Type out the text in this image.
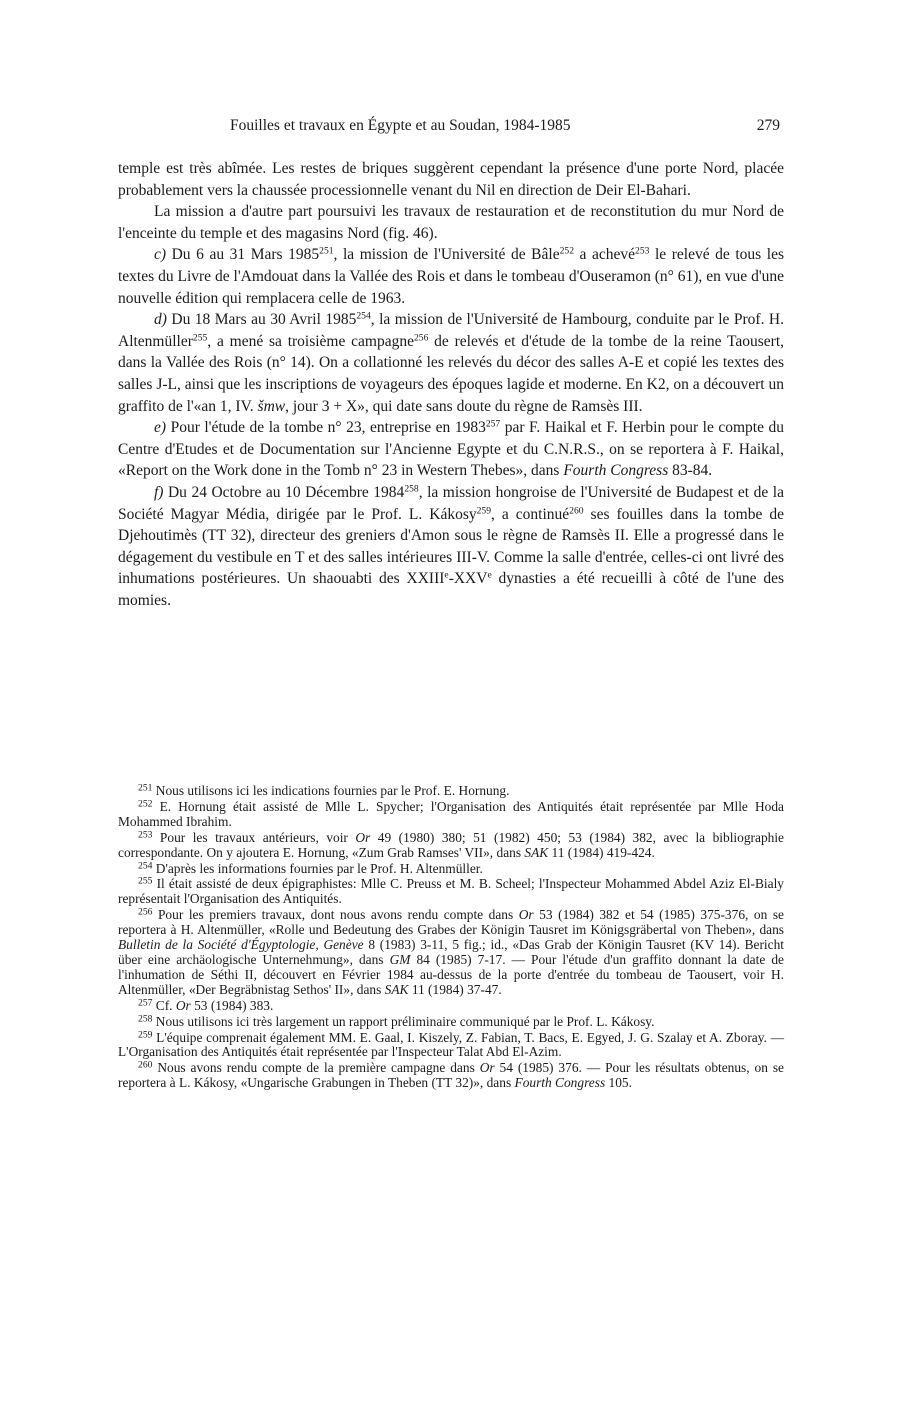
Fouilles et travaux en Égypte et au Soudan, 1984-1985	279

temple est très abîmée. Les restes de briques suggèrent cependant la présence d'une porte Nord, placée probablement vers la chaussée processionnelle venant du Nil en direction de Deir El-Bahari.

La mission a d'autre part poursuivi les travaux de restauration et de reconstitution du mur Nord de l'enceinte du temple et des magasins Nord (fig. 46).

c) Du 6 au 31 Mars 1985$^{251}$, la mission de l'Université de Bâle$^{252}$ a achevé$^{253}$ le relevé de tous les textes du Livre de l'Amdouat dans la Vallée des Rois et dans le tombeau d'Ouseramon (n° 61), en vue d'une nouvelle édition qui remplacera celle de 1963.

d) Du 18 Mars au 30 Avril 1985$^{254}$, la mission de l'Université de Hambourg, conduite par le Prof. H. Altenmüller$^{255}$, a mené sa troisième campagne$^{256}$ de relevés et d'étude de la tombe de la reine Taousert, dans la Vallée des Rois (n° 14). On a collationné les relevés du décor des salles A-E et copié les textes des salles J-L, ainsi que les inscriptions de voyageurs des époques lagide et moderne. En K2, on a découvert un graffito de l'«an 1, IV. šmw, jour 3 + X», qui date sans doute du règne de Ramsès III.

e) Pour l'étude de la tombe n° 23, entreprise en 1983$^{257}$ par F. Haikal et F. Herbin pour le compte du Centre d'Etudes et de Documentation sur l'Ancienne Egypte et du C.N.R.S., on se reportera à F. Haikal, «Report on the Work done in the Tomb n° 23 in Western Thebes», dans Fourth Congress 83-84.

f) Du 24 Octobre au 10 Décembre 1984$^{258}$, la mission hongroise de l'Université de Budapest et de la Société Magyar Média, dirigée par le Prof. L. Kákosy$^{259}$, a continué$^{260}$ ses fouilles dans la tombe de Djehoutimès (TT 32), directeur des greniers d'Amon sous le règne de Ramsès II. Elle a progressé dans le dégagement du vestibule en T et des salles intérieures III-V. Comme la salle d'entrée, celles-ci ont livré des inhumations postérieures. Un shaouabti des XXIIIe-XXVe dynasties a été recueilli à côté de l'une des momies.

$^{251}$ Nous utilisons ici les indications fournies par le Prof. E. Hornung.

$^{252}$ E. Hornung était assisté de Mlle L. Spycher; l'Organisation des Antiquités était représentée par Mlle Hoda Mohammed Ibrahim.

$^{253}$ Pour les travaux antérieurs, voir Or 49 (1980) 380; 51 (1982) 450; 53 (1984) 382, avec la bibliographie correspondante. On y ajoutera E. Hornung, «Zum Grab Ramses' VII», dans SAK 11 (1984) 419-424.

$^{254}$ D'après les informations fournies par le Prof. H. Altenmüller.

$^{255}$ Il était assisté de deux épigraphistes: Mlle C. Preuss et M. B. Scheel; l'Inspecteur Mohammed Abdel Aziz El-Bialy représentait l'Organisation des Antiquités.

$^{256}$ Pour les premiers travaux, dont nous avons rendu compte dans Or 53 (1984) 382 et 54 (1985) 375-376, on se reportera à H. Altenmüller, «Rolle und Bedeutung des Grabes der Königin Tausret im Königsgräbertal von Theben», dans Bulletin de la Société d'Égyptologie, Genève 8 (1983) 3-11, 5 fig.; id., «Das Grab der Königin Tausret (KV 14). Bericht über eine archäologische Unternehmung», dans GM 84 (1985) 7-17. — Pour l'étude d'un graffito donnant la date de l'inhumation de Séthi II, découvert en Février 1984 au-dessus de la porte d'entrée du tombeau de Taousert, voir H. Altenmüller, «Der Begräbnistag Sethos' II», dans SAK 11 (1984) 37-47.

$^{257}$ Cf. Or 53 (1984) 383.

$^{258}$ Nous utilisons ici très largement un rapport préliminaire communiqué par le Prof. L. Kákosy.

$^{259}$ L'équipe comprenait également MM. E. Gaal, I. Kiszely, Z. Fabian, T. Bacs, E. Egyed, J. G. Szalay et A. Zboray. — L'Organisation des Antiquités était représentée par l'Inspecteur Talat Abd El-Azim.

$^{260}$ Nous avons rendu compte de la première campagne dans Or 54 (1985) 376. — Pour les résultats obtenus, on se reportera à L. Kákosy, «Ungarische Grabungen in Theben (TT 32)», dans Fourth Congress 105.
